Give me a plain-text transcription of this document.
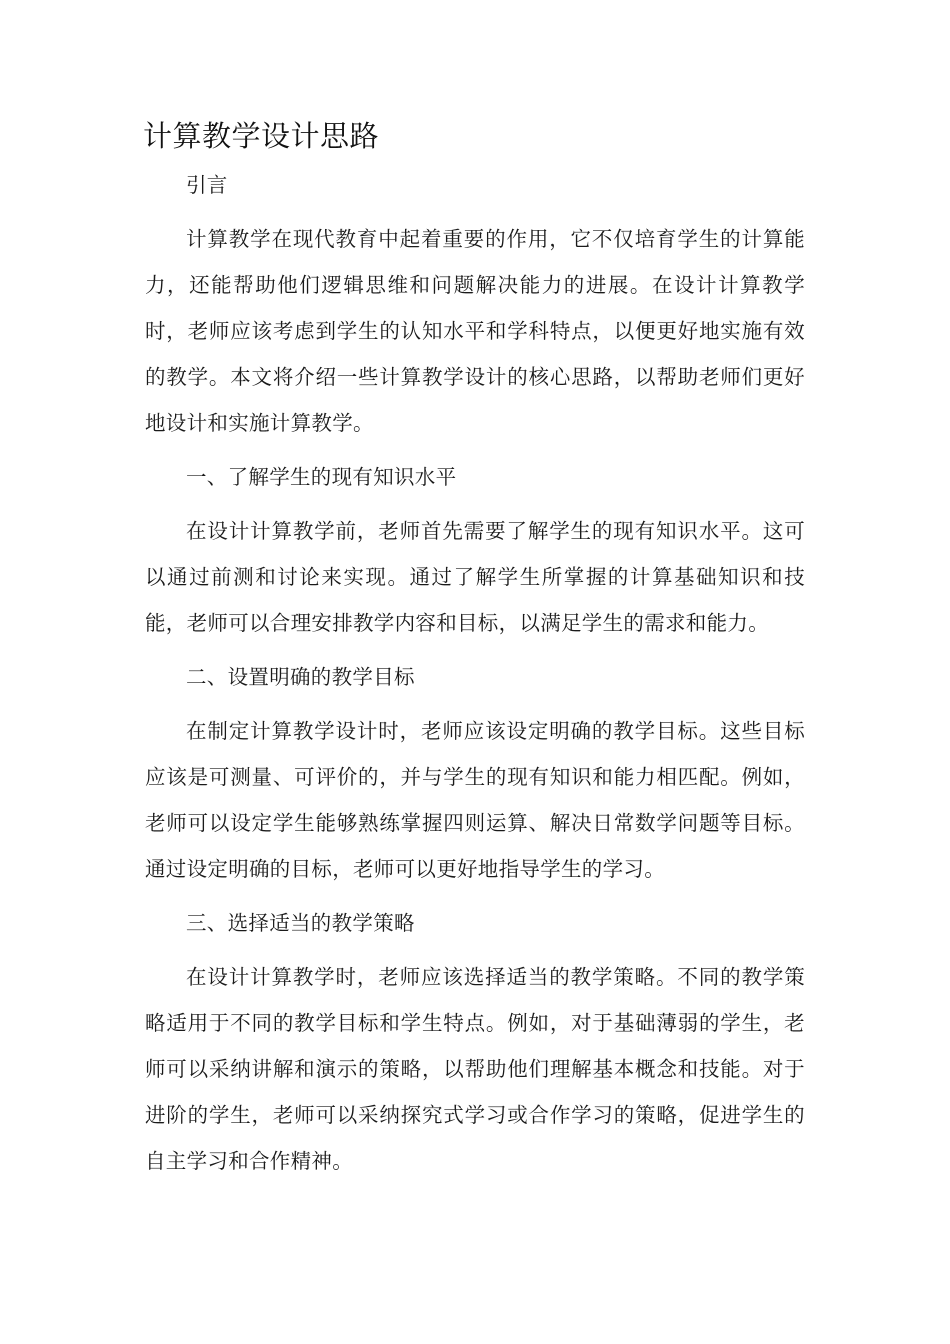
计算教学设计思路

引言

计算教学在现代教育中起着重要的作用，它不仅培育学生的计算能力，还能帮助他们逻辑思维和问题解决能力的进展。在设计计算教学时，老师应该考虑到学生的认知水平和学科特点，以便更好地实施有效的教学。本文将介绍一些计算教学设计的核心思路，以帮助老师们更好地设计和实施计算教学。

一、了解学生的现有知识水平

在设计计算教学前，老师首先需要了解学生的现有知识水平。这可以通过前测和讨论来实现。通过了解学生所掌握的计算基础知识和技能，老师可以合理安排教学内容和目标，以满足学生的需求和能力。

二、设置明确的教学目标

在制定计算教学设计时，老师应该设定明确的教学目标。这些目标应该是可测量、可评价的，并与学生的现有知识和能力相匹配。例如，老师可以设定学生能够熟练掌握四则运算、解决日常数学问题等目标。通过设定明确的目标，老师可以更好地指导学生的学习。

三、选择适当的教学策略

在设计计算教学时，老师应该选择适当的教学策略。不同的教学策略适用于不同的教学目标和学生特点。例如，对于基础薄弱的学生，老师可以采纳讲解和演示的策略，以帮助他们理解基本概念和技能。对于进阶的学生，老师可以采纳探究式学习或合作学习的策略，促进学生的自主学习和合作精神。
